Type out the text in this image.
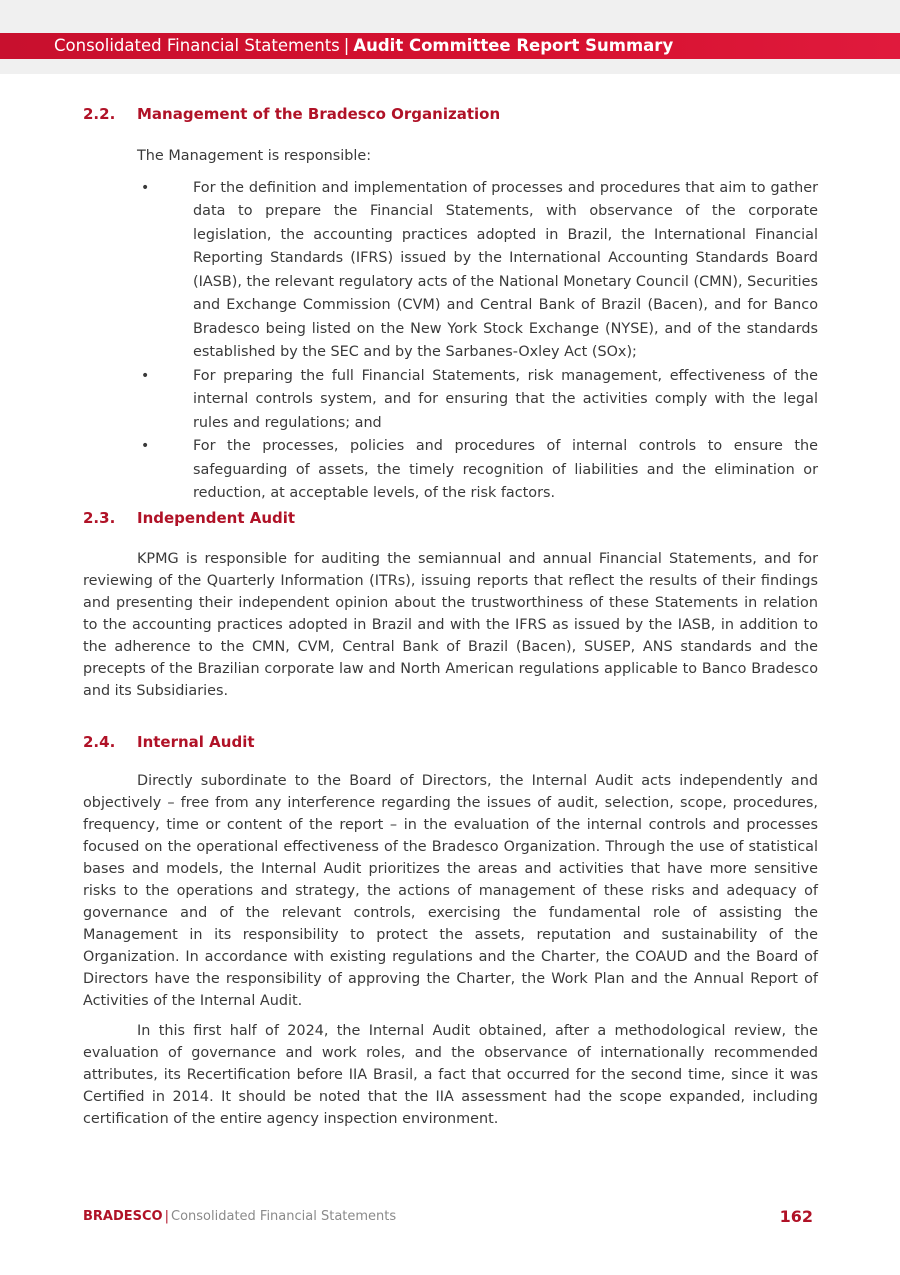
Consolidated Financial Statements | Audit Committee Report Summary
2.2. Management of the Bradesco Organization
The Management is responsible:
•	For the definition and implementation of processes and procedures that aim to gather data to prepare the Financial Statements, with observance of the corporate legislation, the accounting practices adopted in Brazil, the International Financial Reporting Standards (IFRS) issued by the International Accounting Standards Board (IASB), the relevant regulatory acts of the National Monetary Council (CMN), Securities and Exchange Commission (CVM) and Central Bank of Brazil (Bacen), and for Banco Bradesco being listed on the New York Stock Exchange (NYSE), and of the standards established by the SEC and by the Sarbanes-Oxley Act (SOx);
•	For preparing the full Financial Statements, risk management, effectiveness of the internal controls system, and for ensuring that the activities comply with the legal rules and regulations; and
•	For the processes, policies and procedures of internal controls to ensure the safeguarding of assets, the timely recognition of liabilities and the elimination or reduction, at acceptable levels, of the risk factors.
2.3. Independent Audit

KPMG is responsible for auditing the semiannual and annual Financial Statements, and for reviewing of the Quarterly Information (ITRs), issuing reports that reflect the results of their findings and presenting their independent opinion about the trustworthiness of these Statements in relation to the accounting practices adopted in Brazil and with the IFRS as issued by the IASB, in addition to the adherence to the CMN, CVM, Central Bank of Brazil (Bacen), SUSEP, ANS standards and the precepts of the Brazilian corporate law and North American regulations applicable to Banco Bradesco and its Subsidiaries.

2.4. Internal Audit

Directly subordinate to the Board of Directors, the Internal Audit acts independently and objectively – free from any interference regarding the issues of audit, selection, scope, procedures, frequency, time or content of the report – in the evaluation of the internal controls and processes focused on the operational effectiveness of the Bradesco Organization. Through the use of statistical bases and models, the Internal Audit prioritizes the areas and activities that have more sensitive risks to the operations and strategy, the actions of management of these risks and adequacy of governance and of the relevant controls, exercising the fundamental role of assisting the Management in its responsibility to protect the assets, reputation and sustainability of the Organization. In accordance with existing regulations and the Charter, the COAUD and the Board of Directors have the responsibility of approving the Charter, the Work Plan and the Annual Report of Activities of the Internal Audit.

In this first half of 2024, the Internal Audit obtained, after a methodological review, the evaluation of governance and work roles, and the observance of internationally recommended attributes, its Recertification before IIA Brasil, a fact that occurred for the second time, since it was Certified in 2014. It should be noted that the IIA assessment had the scope expanded, including certification of the entire agency inspection environment.

BRADESCO | Consolidated Financial Statements	162
